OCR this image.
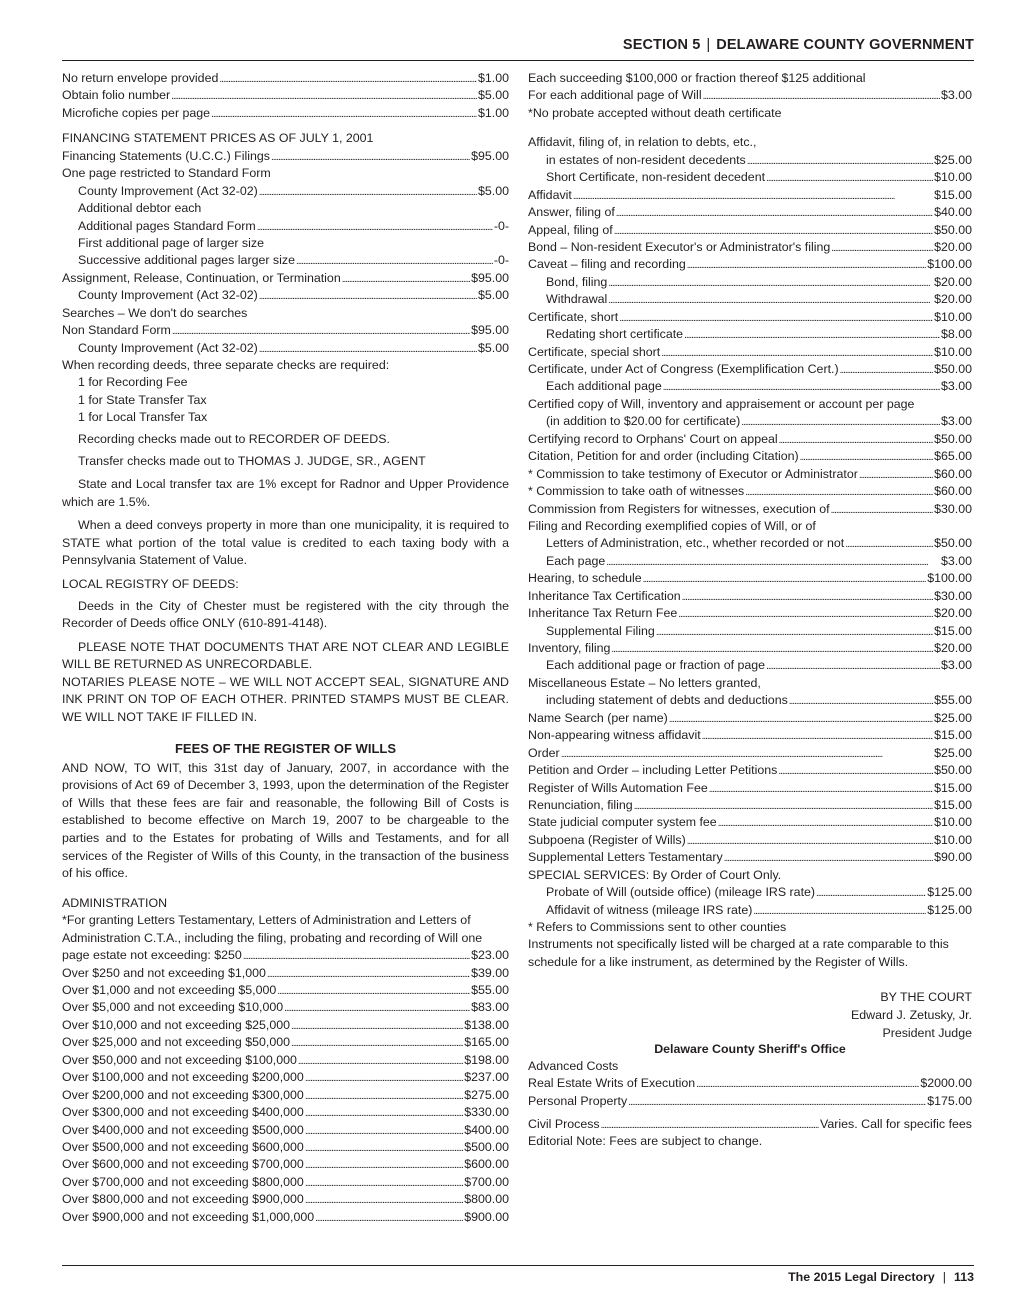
SECTION 5 | DELAWARE COUNTY GOVERNMENT
No return envelope provided . . .	$1.00
Obtain folio number . . .	$5.00
Microfiche copies per page . . .	$1.00
FINANCING STATEMENT PRICES AS OF JULY 1, 2001
Financing Statements (U.C.C.) Filings . . .	$95.00
One page restricted to Standard Form
County Improvement (Act 32-02) . . .	$5.00
Additional debtor each
Additional pages Standard Form . . .	-0-
First additional page of larger size
Successive additional pages larger size . . .	-0-
Assignment, Release, Continuation, or Termination . . .	$95.00
County Improvement (Act 32-02) . . .	$5.00
Searches – We don't do searches
Non Standard Form . . .	$95.00
County Improvement (Act 32-02) . . .	$5.00
When recording deeds, three separate checks are required:
1 for Recording Fee
1 for State Transfer Tax
1 for Local Transfer Tax

Recording checks made out to RECORDER OF DEEDS.

Transfer checks made out to THOMAS J. JUDGE, SR., AGENT

State and Local transfer tax are 1% except for Radnor and Upper Providence which are 1.5%.

When a deed conveys property in more than one municipality, it is required to STATE what portion of the total value is credited to each taxing body with a Pennsylvania Statement of Value.

LOCAL REGISTRY OF DEEDS:

Deeds in the City of Chester must be registered with the city through the Recorder of Deeds office ONLY (610-891-4148).

PLEASE NOTE THAT DOCUMENTS THAT ARE NOT CLEAR AND LEGIBLE WILL BE RETURNED AS UNRECORDABLE.

NOTARIES PLEASE NOTE – WE WILL NOT ACCEPT SEAL, SIGNATURE AND INK PRINT ON TOP OF EACH OTHER. PRINTED STAMPS MUST BE CLEAR. WE WILL NOT TAKE IF FILLED IN.

FEES OF THE REGISTER OF WILLS

AND NOW, TO WIT, this 31st day of January, 2007, in accordance with the provisions of Act 69 of December 3, 1993, upon the determination of the Register of Wills that these fees are fair and reasonable, the following Bill of Costs is established to become effective on March 19, 2007 to be chargeable to the parties and to the Estates for probating of Wills and Testaments, and for all services of the Register of Wills of this County, in the transaction of the business of his office.

ADMINISTRATION
*For granting Letters Testamentary, Letters of Administration and Letters of
Administration C.T.A., including the filing, probating and recording of Will one
page estate not exceeding: $250 . . .	$23.00
Over $250 and not exceeding $1,000 . . .	$39.00
Over $1,000 and not exceeding $5,000 . . .	$55.00
Over $5,000 and not exceeding $10,000 . . .	$83.00
Over $10,000 and not exceeding $25,000 . . .	$138.00
Over $25,000 and not exceeding $50,000 . . .	$165.00
Over $50,000 and not exceeding $100,000 . . .	$198.00
Over $100,000 and not exceeding $200,000 . . .	$237.00
Over $200,000 and not exceeding $300,000 . . .	$275.00
Over $300,000 and not exceeding $400,000 . . .	$330.00
Over $400,000 and not exceeding $500,000 . . .	$400.00
Over $500,000 and not exceeding $600,000 . . .	$500.00
Over $600,000 and not exceeding $700,000 . . .	$600.00
Over $700,000 and not exceeding $800,000 . . .	$700.00
Over $800,000 and not exceeding $900,000 . . .	$800.00
Over $900,000 and not exceeding $1,000,000 . . .	$900.00
Each succeeding $100,000 or fraction thereof $125 additional
For each additional page of Will . . .	$3.00
*No probate accepted without death certificate
Affidavit, filing of, in relation to debts, etc.,
in estates of non-resident decedents . . .	$25.00
Short Certificate, non-resident decedent . . .	$10.00
Affidavit . . .	$15.00
Answer, filing of . . .	$40.00
Appeal, filing of . . .	$50.00
Bond – Non-resident Executor's or Administrator's filing . . .	$20.00
Caveat – filing and recording . . .	$100.00
Bond, filing . . .	$20.00
Withdrawal . . .	$20.00
Certificate, short . . .	$10.00
Redating short certificate . . .	$8.00
Certificate, special short . . .	$10.00
Certificate, under Act of Congress (Exemplification Cert.) . . .	$50.00
Each additional page . . .	$3.00
Certified copy of Will, inventory and appraisement or account per page
(in addition to $20.00 for certificate) . . .	$3.00
Certifying record to Orphans' Court on appeal . . .	$50.00
Citation, Petition for and order (including Citation) . . .	$65.00
* Commission to take testimony of Executor or Administrator . . .	$60.00
* Commission to take oath of witnesses . . .	$60.00
Commission from Registers for witnesses, execution of . . .	$30.00
Filing and Recording exemplified copies of Will, or of
Letters of Administration, etc., whether recorded or not . . .	$50.00
Each page . . .	$3.00
Hearing, to schedule . . .	$100.00
Inheritance Tax Certification . . .	$30.00
Inheritance Tax Return Fee . . .	$20.00
Supplemental Filing . . .	$15.00
Inventory, filing . . .	$20.00
Each additional page or fraction of page . . .	$3.00
Miscellaneous Estate – No letters granted,
including statement of debts and deductions . . .	$55.00
Name Search (per name) . . .	$25.00
Non-appearing witness affidavit . . .	$15.00
Order . . .	$25.00
Petition and Order – including Letter Petitions . . .	$50.00
Register of Wills Automation Fee . . .	$15.00
Renunciation, filing . . .	$15.00
State judicial computer system fee . . .	$10.00
Subpoena (Register of Wills) . . .	$10.00
Supplemental Letters Testamentary . . .	$90.00
SPECIAL SERVICES: By Order of Court Only.
Probate of Will (outside office) (mileage IRS rate) . . .	$125.00
Affidavit of witness (mileage IRS rate) . . .	$125.00
* Refers to Commissions sent to other counties

Instruments not specifically listed will be charged at a rate comparable to this schedule for a like instrument, as determined by the Register of Wills.

BY THE COURT
Edward J. Zetusky, Jr.
President Judge
Delaware County Sheriff's Office
Advanced Costs
Real Estate Writs of Execution . . .	$2000.00
Personal Property . . .	$175.00
Civil Process . . .	Varies. Call for specific fees
Editorial Note: Fees are subject to change.
The 2015 Legal Directory | 113
